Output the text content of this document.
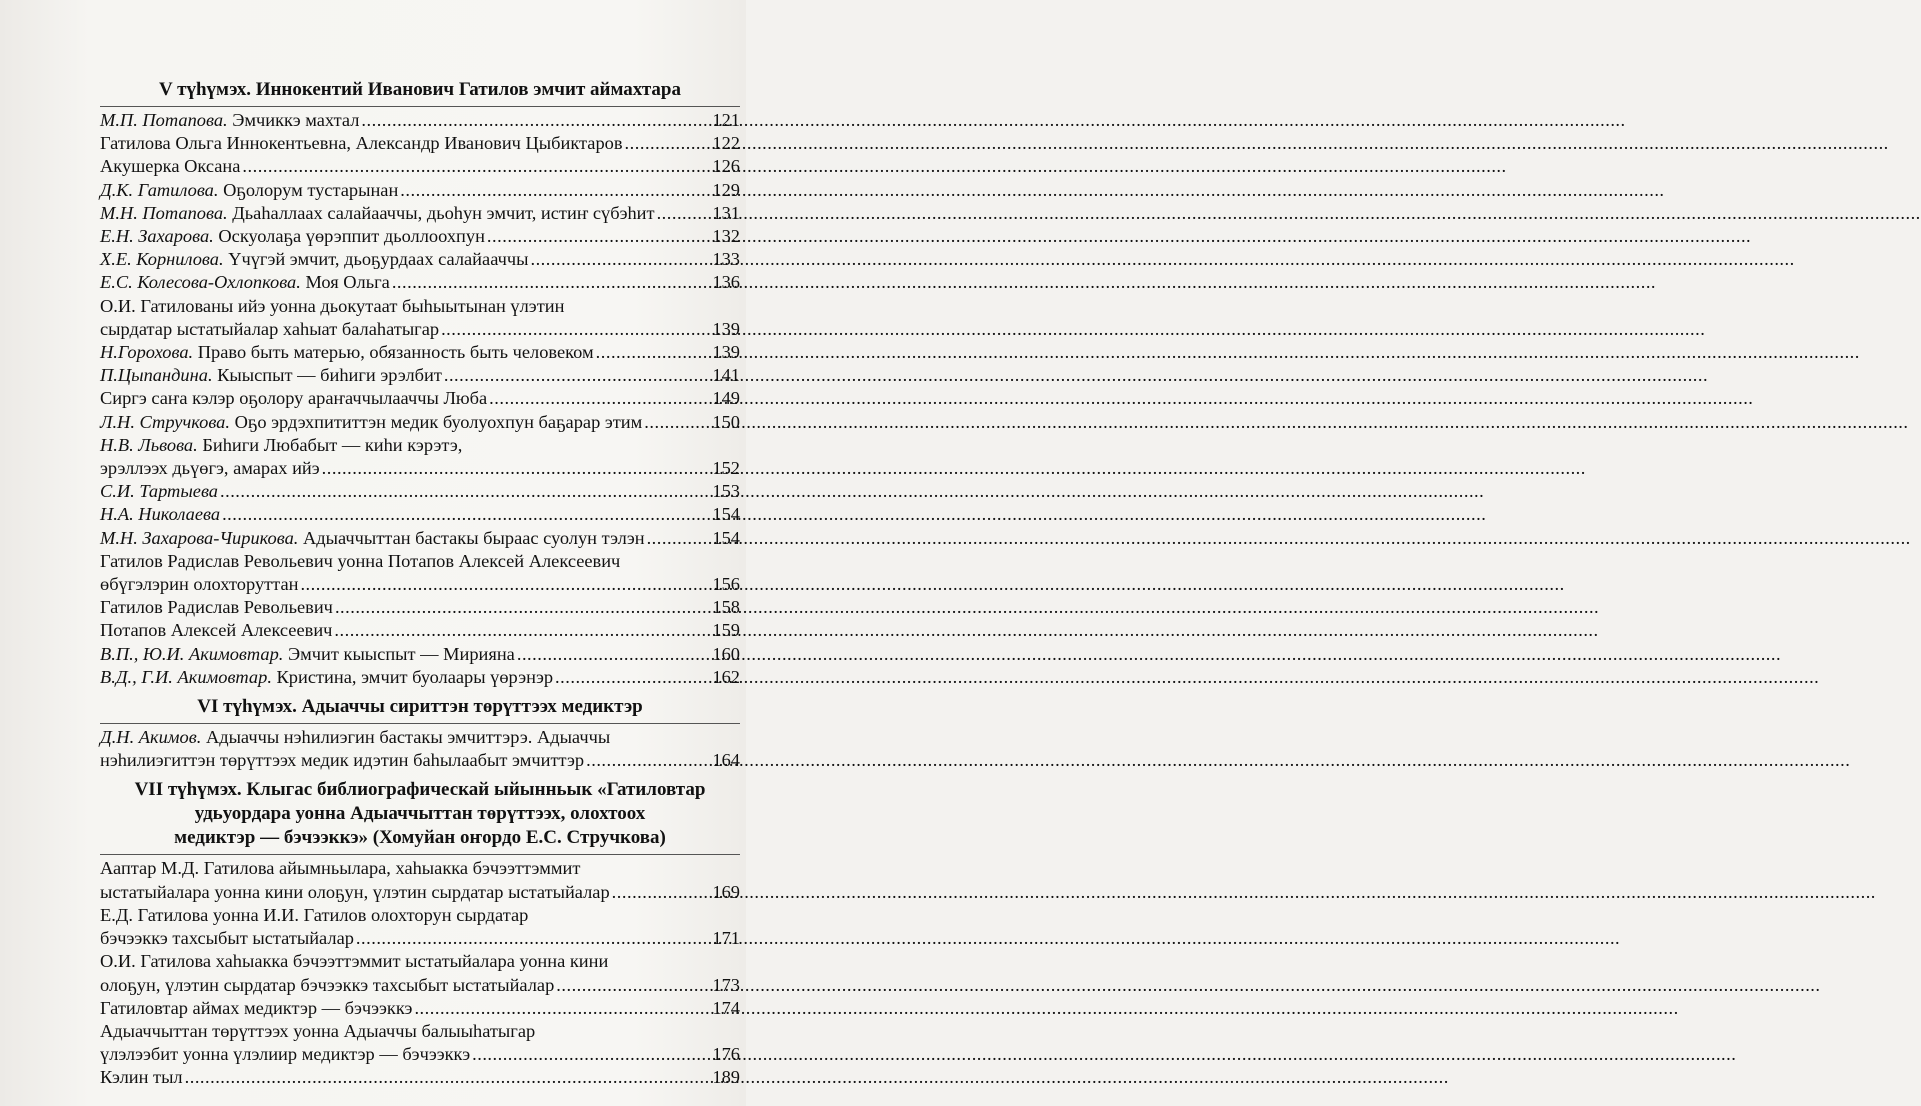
V түһүмэх. Иннокентий Иванович Гатилов эмчит аймахтара
М.П. Потапова. Эмчиккэ махтал .....	121
Гатилова Ольга Иннокентьевна, Александр Иванович Цыбиктаров .....	122
Акушерка Оксана .....	126
Д.К. Гатилова. Оҕолорум тустарынан .....	129
М.Н. Потапова. Дьаһаллаах салайааччы, дьоһун эмчит, истиҥ сүбэһит .....	131
Е.Н. Захарова. Оскуолаҕа үөрэппит дьоллоохпун .....	132
Х.Е. Корнилова. Үчүгэй эмчит, дьоҕурдаах салайааччы .....	133
Е.С. Колесова-Охлопкова. Моя Ольга .....	136
О.И. Гатилованы ийэ уонна дьокутаат быһыытынан үлэтин
сырдатар ыстатыйалар хаһыат балаһатыгар .....	139
Н.Горохова. Право быть матерью, обязанность быть человеком .....	139
П.Цыпандина. Кыыспыт — биһиги эрэлбит .....	141
Сиргэ саҥа кэлэр оҕолору араҥаччылааччы Люба .....	149
Л.Н. Стручкова. Оҕо эрдэхпититтэн медик буолуохпун баҕарар этим .....	150
Н.В. Львова. Биһиги Любабыт — киһи кэрэтэ,
эрэллээх дьүөгэ, амарах ийэ .....	152
С.И. Тартыева .....	153
Н.А. Николаева .....	154
М.Н. Захарова-Чирикова. Адыаччыттан бастакы быраас суолун тэлэн .....	154
Гатилов Радислав Револьевич уонна Потапов Алексей Алексеевич
өбүгэлэрин олохторуттан .....	156
Гатилов Радислав Револьевич .....	158
Потапов Алексей Алексеевич .....	159
В.П., Ю.И. Акимовтар. Эмчит кыыспыт — Мирияна .....	160
В.Д., Г.И. Акимовтар. Кристина, эмчит буолаары үөрэнэр .....	162
VI түһүмэх. Адыаччы сириттэн төрүттээх медиктэр
Д.Н. Акимов. Адыаччы нэһилиэгин бастакы эмчиттэрэ. Адыаччы
нэһилиэгиттэн төрүттээх медик идэтин баһылаабыт эмчиттэр .....	164
VII түһүмэх. Клыгас библиографическай ыйынньык «Гатиловтар
удьуордара уонна Адыаччыттан төрүттээх, олохтоох
медиктэр — бэчээккэ» (Хомуйан оҥордо Е.С. Стручкова)
Ааптар М.Д. Гатилова айымньылара, хаһыакка бэчээттэммит
ыстатыйалара уонна кини олоҕун, үлэтин сырдатар ыстатыйалар .....	169
Е.Д. Гатилова уонна И.И. Гатилов олохторун сырдатар
бэчээккэ тахсыбыт ыстатыйалар .....	171
О.И. Гатилова хаһыакка бэчээттэммит ыстатыйалара уонна кини
олоҕун, үлэтин сырдатар бэчээккэ тахсыбыт ыстатыйалар .....	173
Гатиловтар аймах медиктэр — бэчээккэ .....	174
Адыаччыттан төрүттээх уонна Адыаччы балыыһатыгар
үлэлээбит уонна үлэлиир медиктэр — бэчээккэ .....	176
Кэлин тыл .....	189
